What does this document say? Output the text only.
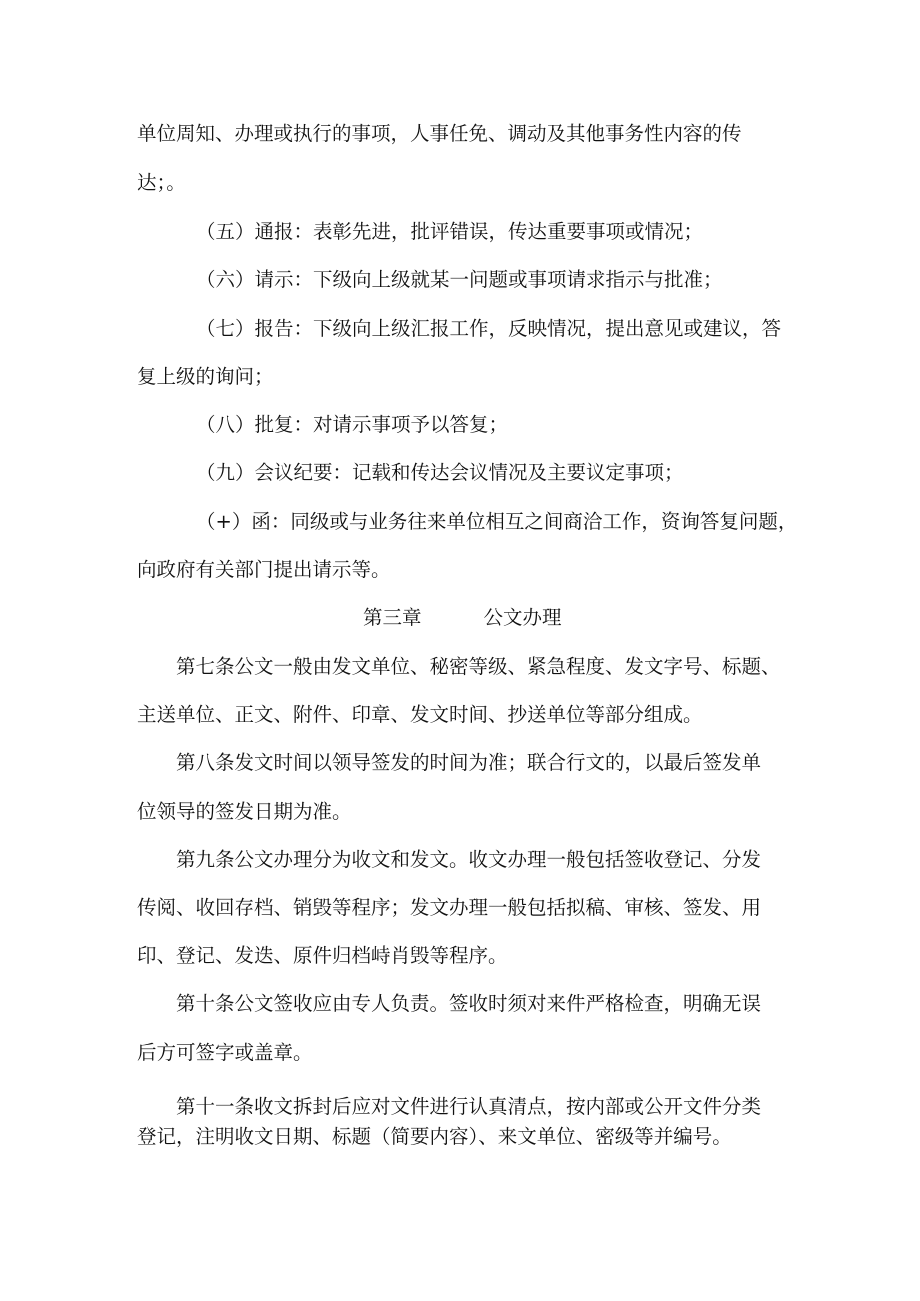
单位周知、办理或执行的事项，人事任免、调动及其他事务性内容的传
达；。
（五）通报：表彰先进，批评错误，传达重要事项或情况；
（六）请示：下级向上级就某一问题或事项请求指示与批准；
（七）报告：下级向上级汇报工作，反映情况，提出意见或建议，答
复上级的询问；
（八）批复：对请示事项予以答复；
（九）会议纪要：记载和传达会议情况及主要议定事项；
（+）函：同级或与业务往来单位相互之间商洽工作，资询答复问题，
向政府有关部门提出请示等。
第三章          公文办理
第七条公文一般由发文单位、秘密等级、紧急程度、发文字号、标题、
主送单位、正文、附件、印章、发文时间、抄送单位等部分组成。
第八条发文时间以领导签发的时间为准；联合行文的，以最后签发单
位领导的签发日期为准。
第九条公文办理分为收文和发文。收文办理一般包括签收登记、分发
传阅、收回存档、销毁等程序；发文办理一般包括拟稿、审核、签发、用
印、登记、发迭、原件归档峙肖毁等程序。
第十条公文签收应由专人负责。签收时须对来件严格检查，明确无误
后方可签字或盖章。
第十一条收文拆封后应对文件进行认真清点，按内部或公开文件分类
登记，注明收文日期、标题（简要内容）、来文单位、密级等并编号。
